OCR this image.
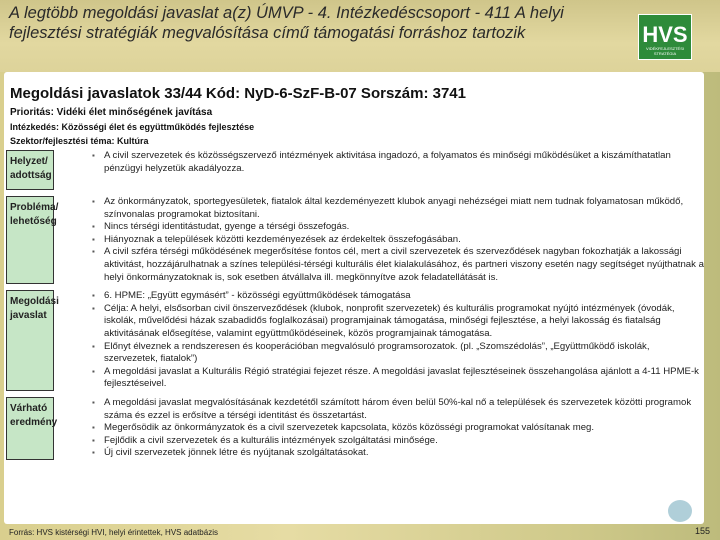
A legtöbb megoldási javaslat a(z) ÚMVP - 4. Intézkedéscsoport - 411 A helyi fejlesztési stratégiák megvalósítása című támogatási forráshoz tartozik	HVS
VIDÉKFEJLESZTÉSI STRATÉGIA
Megoldási javaslatok 33/44 Kód: NyD-6-SzF-B-07 Sorszám: 3741
Prioritás: Vidéki élet minőségének javítása
Intézkedés: Közösségi élet és együttműködés fejlesztése
Szektor/fejlesztési téma: Kultúra
Helyzet/ adottság
▪ A civil szervezetek és közösségszervező intézmények aktivitása ingadozó, a folyamatos és minőségi működésüket a kiszámíthatatlan pénzügyi helyzetük akadályozza.
Probléma/ lehetőség
▪ Az önkormányzatok, sportegyesületek, fiatalok által kezdeményezett klubok anyagi nehézségei miatt nem tudnak folyamatosan működő, színvonalas programokat biztosítani.
▪ Nincs térségi identitástudat, gyenge a térségi összefogás.
▪ Hiányoznak a települések közötti kezdeményezések az érdekeltek összefogásában.
▪ A civil szféra térségi működésének megerősítése fontos cél, mert a civil szervezetek és szerveződések nagyban fokozhatják a lakossági aktivitást, hozzájárulhatnak a színes települési-térségi kulturális élet kialakulásához, és partneri viszony esetén nagy segítséget nyújthatnak a helyi önkormányzatoknak is, sok esetben átvállalva ill. megkönnyítve azok feladatellátását is.
Megoldási javaslat
▪ 6. HPME: „Együtt egymásért” - közösségi együttműködések támogatása
▪ Célja: A helyi, elsősorban civil önszerveződések (klubok, nonprofit szervezetek) és kulturális programokat nyújtó intézmények (óvodák, iskolák, művelődési házak szabadidős foglalkozásai) programjainak támogatása, minőségi fejlesztése, a helyi lakosság és fiatalság aktivitásának elősegítése, valamint együttműködéseinek, közös programjainak támogatása.
▪ Előnyt élveznek a rendszeresen és kooperációban megvalósuló programsorozatok. (pl. „Szomszédolás”, „Együttműködő iskolák, szervezetek, fiatalok”)
▪ A megoldási javaslat a Kulturális Régió stratégiai fejezet része. A megoldási javaslat fejlesztéseinek összehangolása ajánlott a 4-11 HPME-k fejlesztéseivel.
Várható eredmény
▪ A megoldási javaslat megvalósításának kezdetétől számított három éven belül 50%-kal nő a települések és szervezetek közötti programok száma és ezzel is erősítve a térségi identitást és összetartást.
▪ Megerősödik az önkormányzatok és a civil szervezetek kapcsolata, közös közösségi programokat valósítanak meg.
▪ Fejlődik a civil szervezetek és a kulturális intézmények szolgáltatási minősége.
▪ Új civil szervezetek jönnek létre és nyújtanak szolgáltatásokat.
Forrás: HVS kistérségi HVI, helyi érintettek, HVS adatbázis	155
